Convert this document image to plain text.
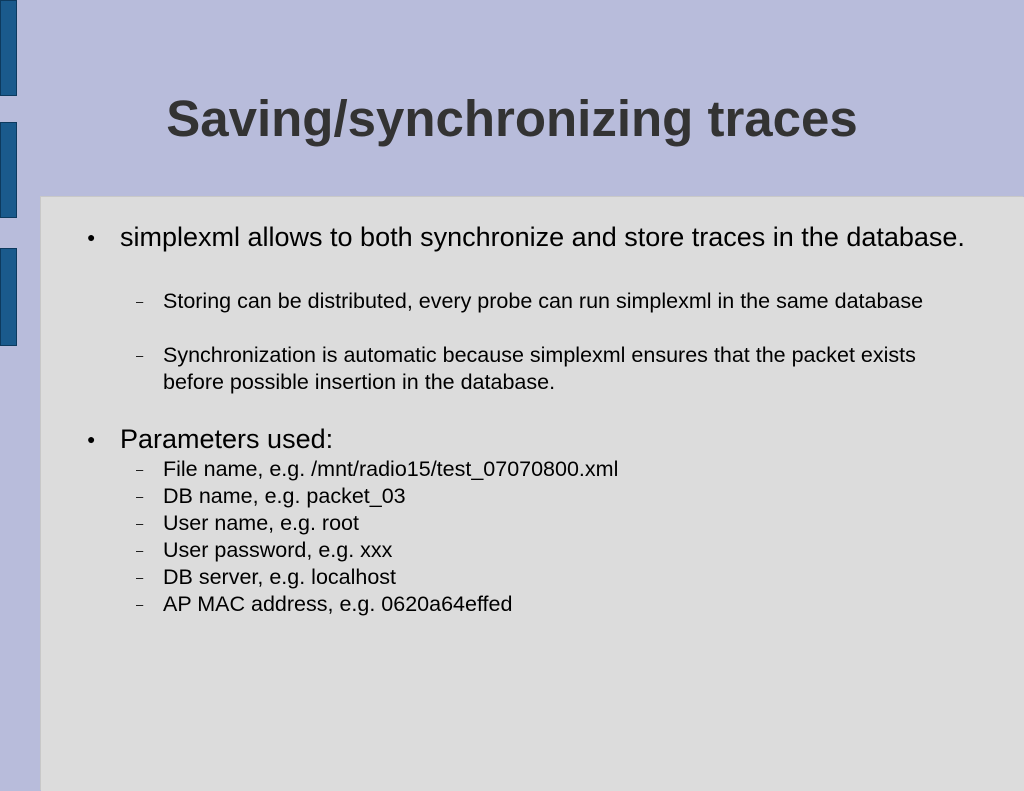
Saving/synchronizing traces
● simplexml allows to both synchronize and store traces in the database.
– Storing can be distributed, every probe can run simplexml in the same database
– Synchronization is automatic because simplexml ensures that the packet exists before possible insertion in the database.
● Parameters used:
– File name, e.g. /mnt/radio15/test_07070800.xml
– DB name, e.g. packet_03
– User name, e.g. root
– User password, e.g. xxx
– DB server, e.g. localhost
– AP MAC address, e.g. 0620a64effed
